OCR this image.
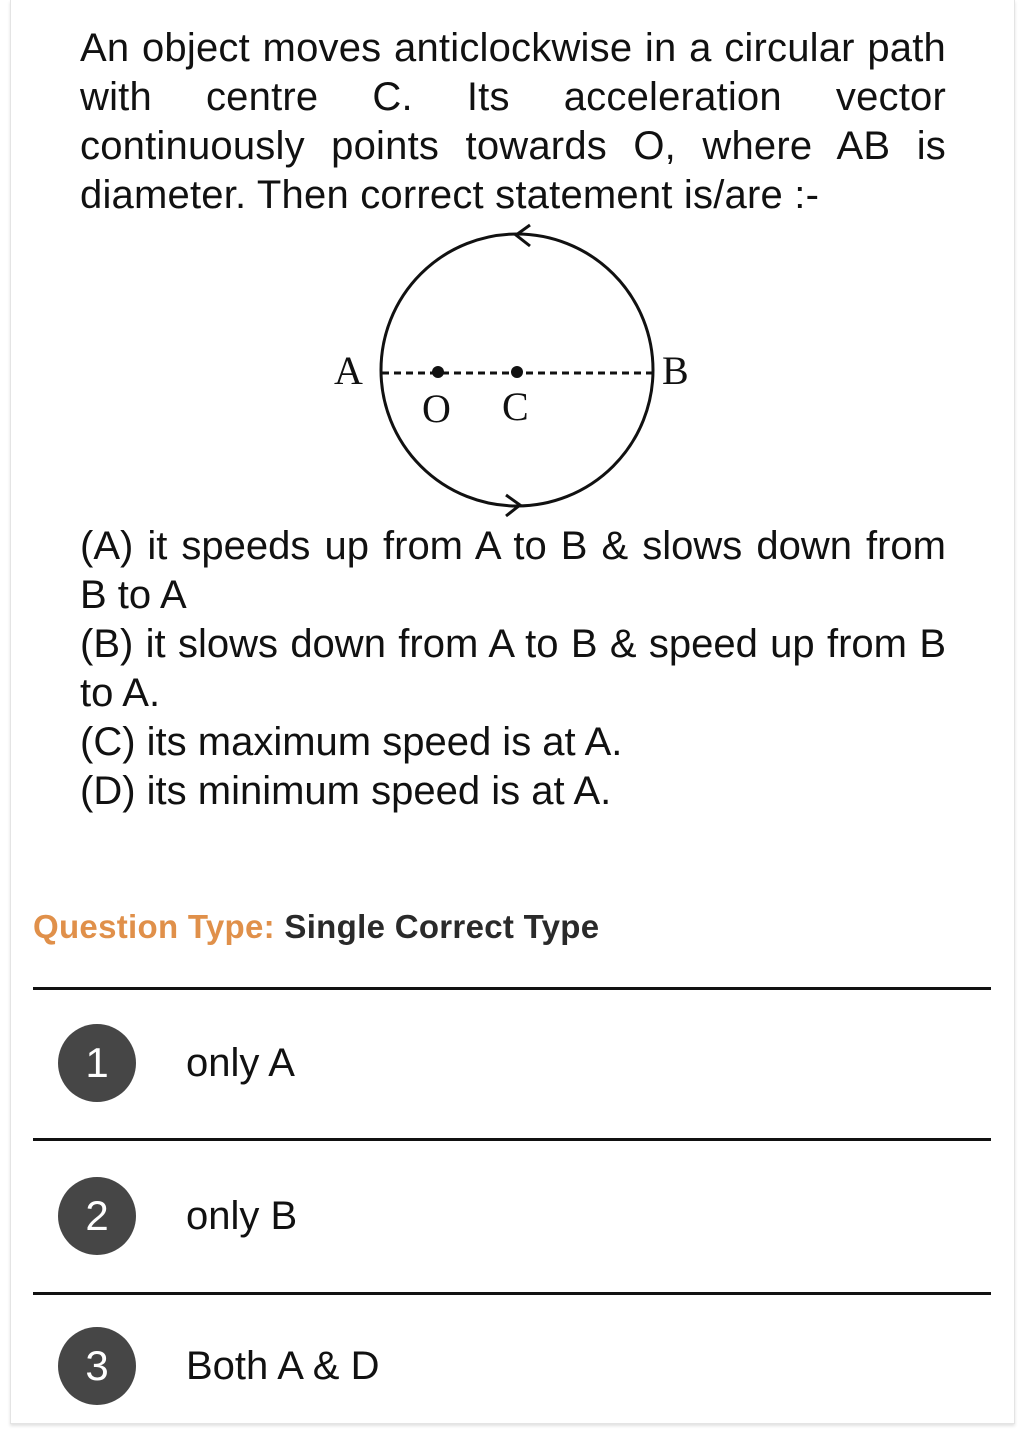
An object moves anticlockwise in a circular path with centre C. Its acceleration vector continuously points towards O, where AB is diameter. Then correct statement is/are :-
A	B
O C
(A) it speeds up from A to B & slows down from B to A
(B) it slows down from A to B & speed up from B to A.
(C) its maximum speed is at A.
(D) its minimum speed is at A.
Question Type: Single Correct Type
1	only A
2	only B
3	Both A & D
